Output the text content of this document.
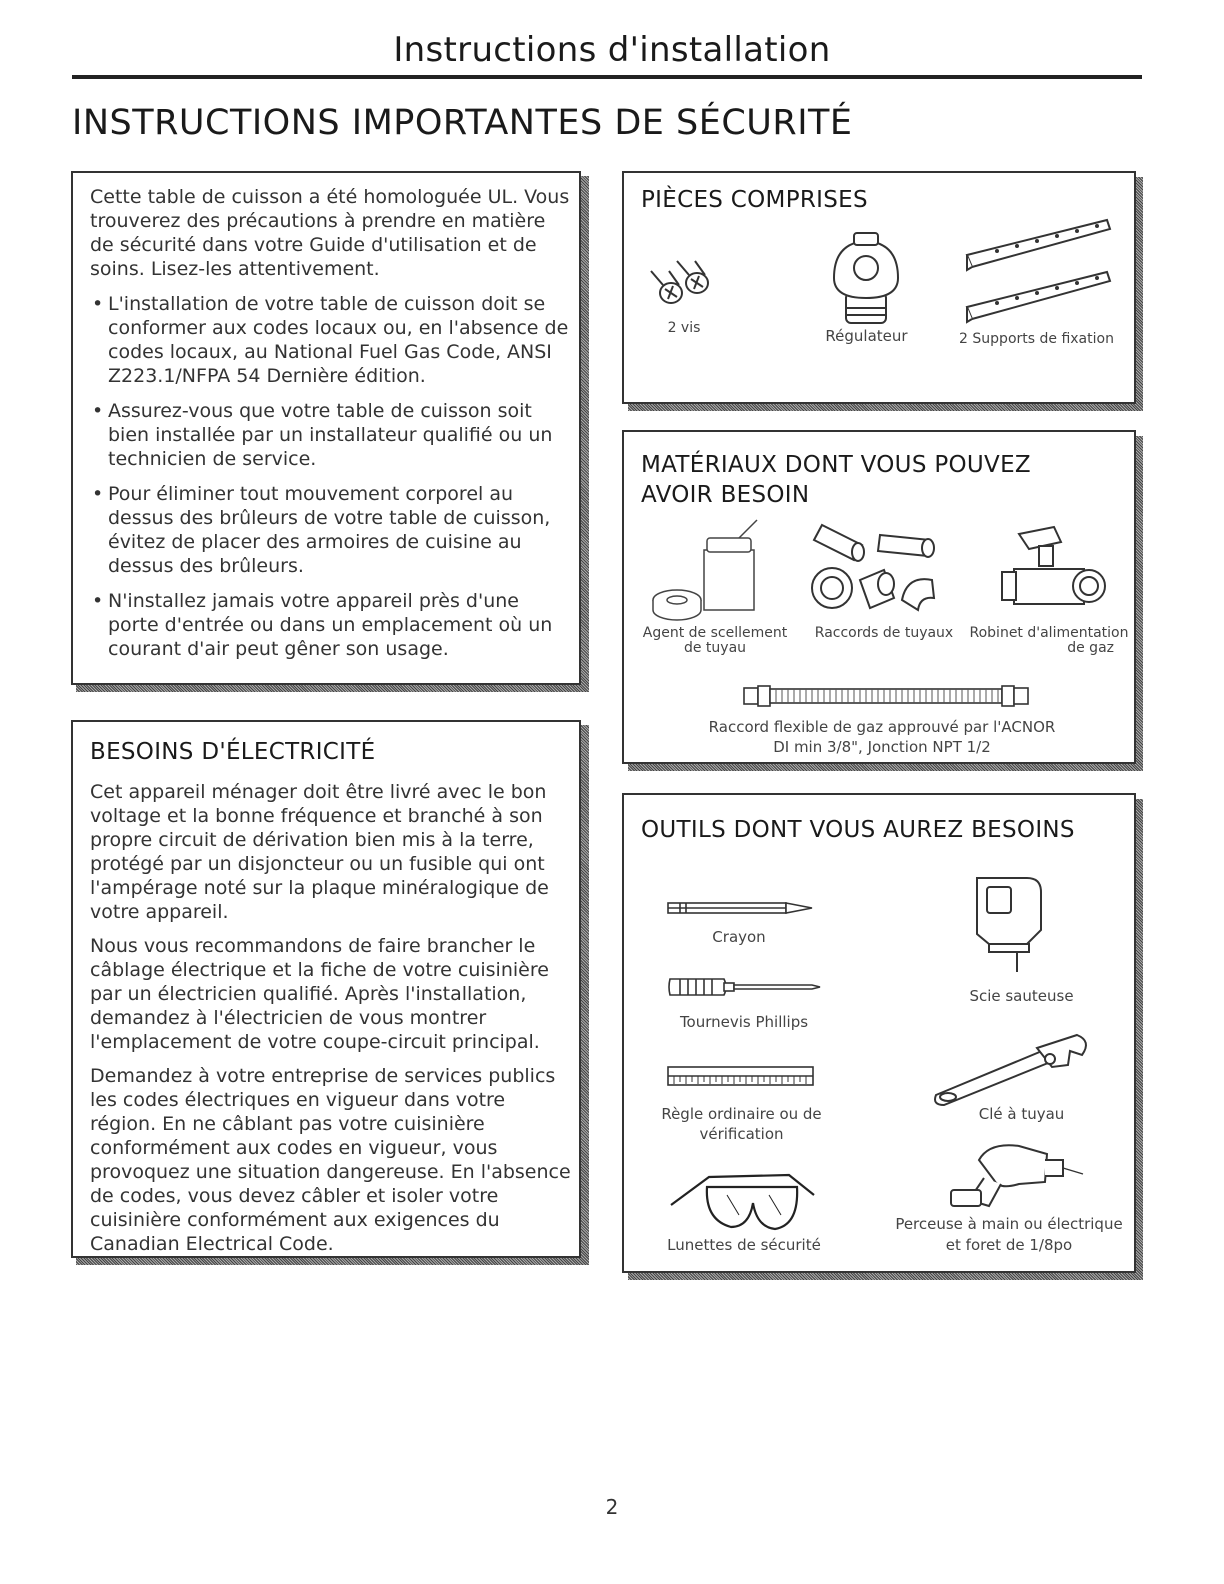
Instructions d'installation
INSTRUCTIONS IMPORTANTES DE SÉCURITÉ

Cette table de cuisson a été homologuée UL. Vous trouverez des précautions à prendre en matière de sécurité dans votre Guide d'utilisation et de soins. Lisez-les attentivement.

• L'installation de votre table de cuisson doit se conformer aux codes locaux ou, en l'absence de codes locaux, au National Fuel Gas Code, ANSI Z223.1/NFPA 54 Dernière édition.
• Assurez-vous que votre table de cuisson soit bien installée par un installateur qualifié ou un technicien de service.
• Pour éliminer tout mouvement corporel au dessus des brûleurs de votre table de cuisson, évitez de placer des armoires de cuisine au dessus des brûleurs.
• N'installez jamais votre appareil près d'une porte d'entrée ou dans un emplacement où un courant d'air peut gêner son usage.
BESOINS D'ÉLECTRICITÉ

Cet appareil ménager doit être livré avec le bon voltage et la bonne fréquence et branché à son propre circuit de dérivation bien mis à la terre, protégé par un disjoncteur ou un fusible qui ont l'ampérage noté sur la plaque minéralogique de votre appareil.

Nous vous recommandons de faire brancher le câblage électrique et la fiche de votre cuisinière par un électricien qualifié. Après l'installation, demandez à l'électricien de vous montrer l'emplacement de votre coupe-circuit principal.

Demandez à votre entreprise de services publics les codes électriques en vigueur dans votre région. En ne câblant pas votre cuisinière conformément aux codes en vigueur, vous provoquez une situation dangereuse. En l'absence de codes, vous devez câbler et isoler votre cuisinière conformément aux exigences du Canadian Electrical Code.

PIÈCES COMPRISES
2 vis	Régulateur	2 Supports de fixation
MATÉRIAUX DONT VOUS POUVEZ
AVOIR BESOIN
Agent de scellement
de tuyau
Raccords de tuyaux	Robinet d'alimentation
de gaz
Raccord flexible de gaz approuvé par l'ACNOR
DI min 3/8", Jonction NPT 1/2
OUTILS DONT VOUS AUREZ BESOINS
Crayon
Tournevis Phillips
Règle ordinaire ou de
vérification
Lunettes de sécurité
Scie sauteuse
Clé à tuyau
Perceuse à main ou électrique
et foret de 1/8po
2
